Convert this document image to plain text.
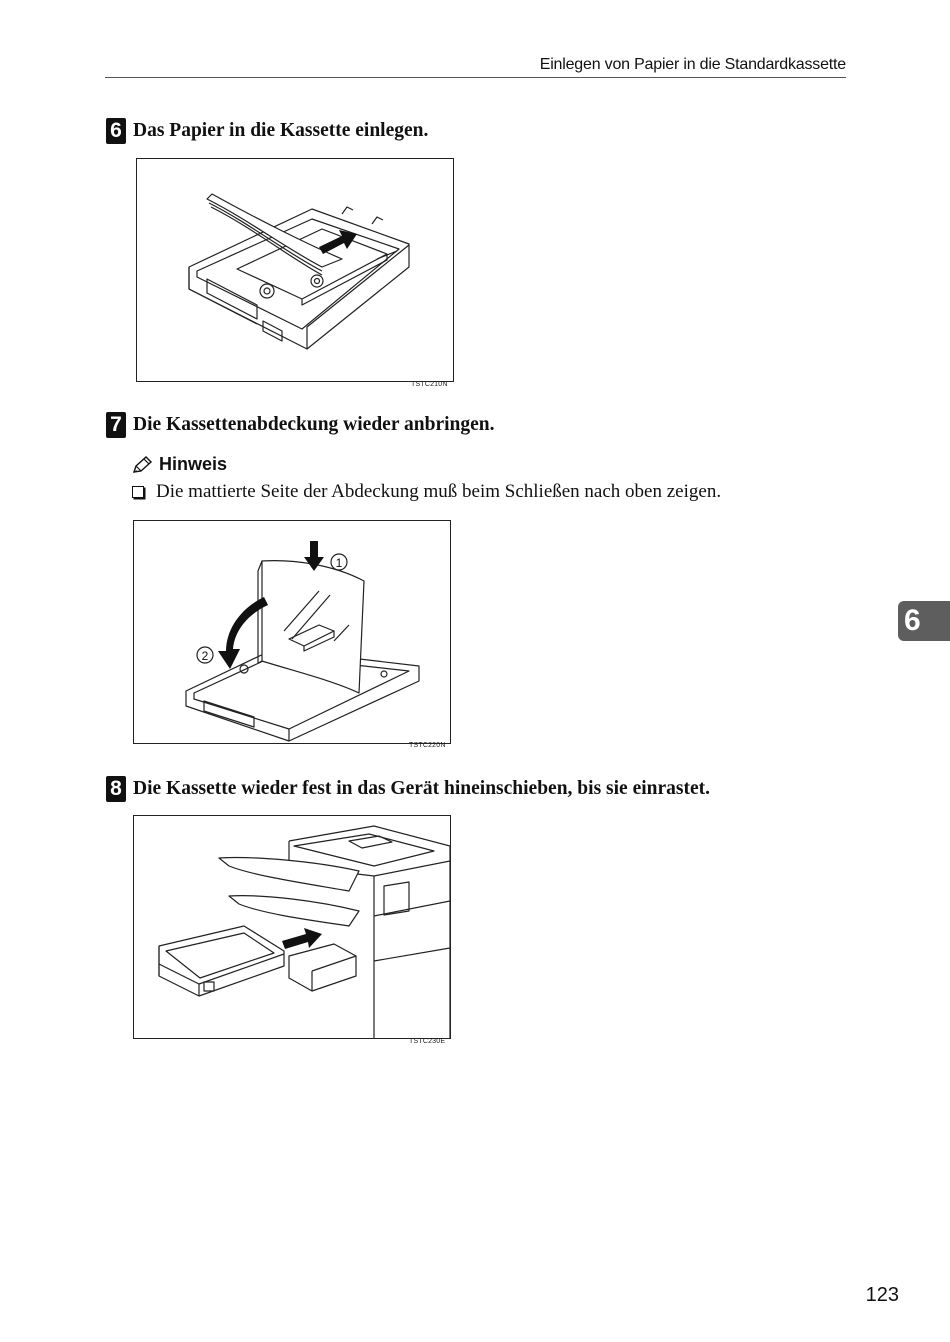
Einlegen von Papier in die Standardkassette
6 Das Papier in die Kassette einlegen.
TSTC210N
7 Die Kassettenabdeckung wieder anbringen.
Hinweis
Die mattierte Seite der Abdeckung muß beim Schließen nach oben zeigen.
1
2
TSTC220N
8 Die Kassette wieder fest in das Gerät hineinschieben, bis sie einrastet.
TSTC230E
6
123
